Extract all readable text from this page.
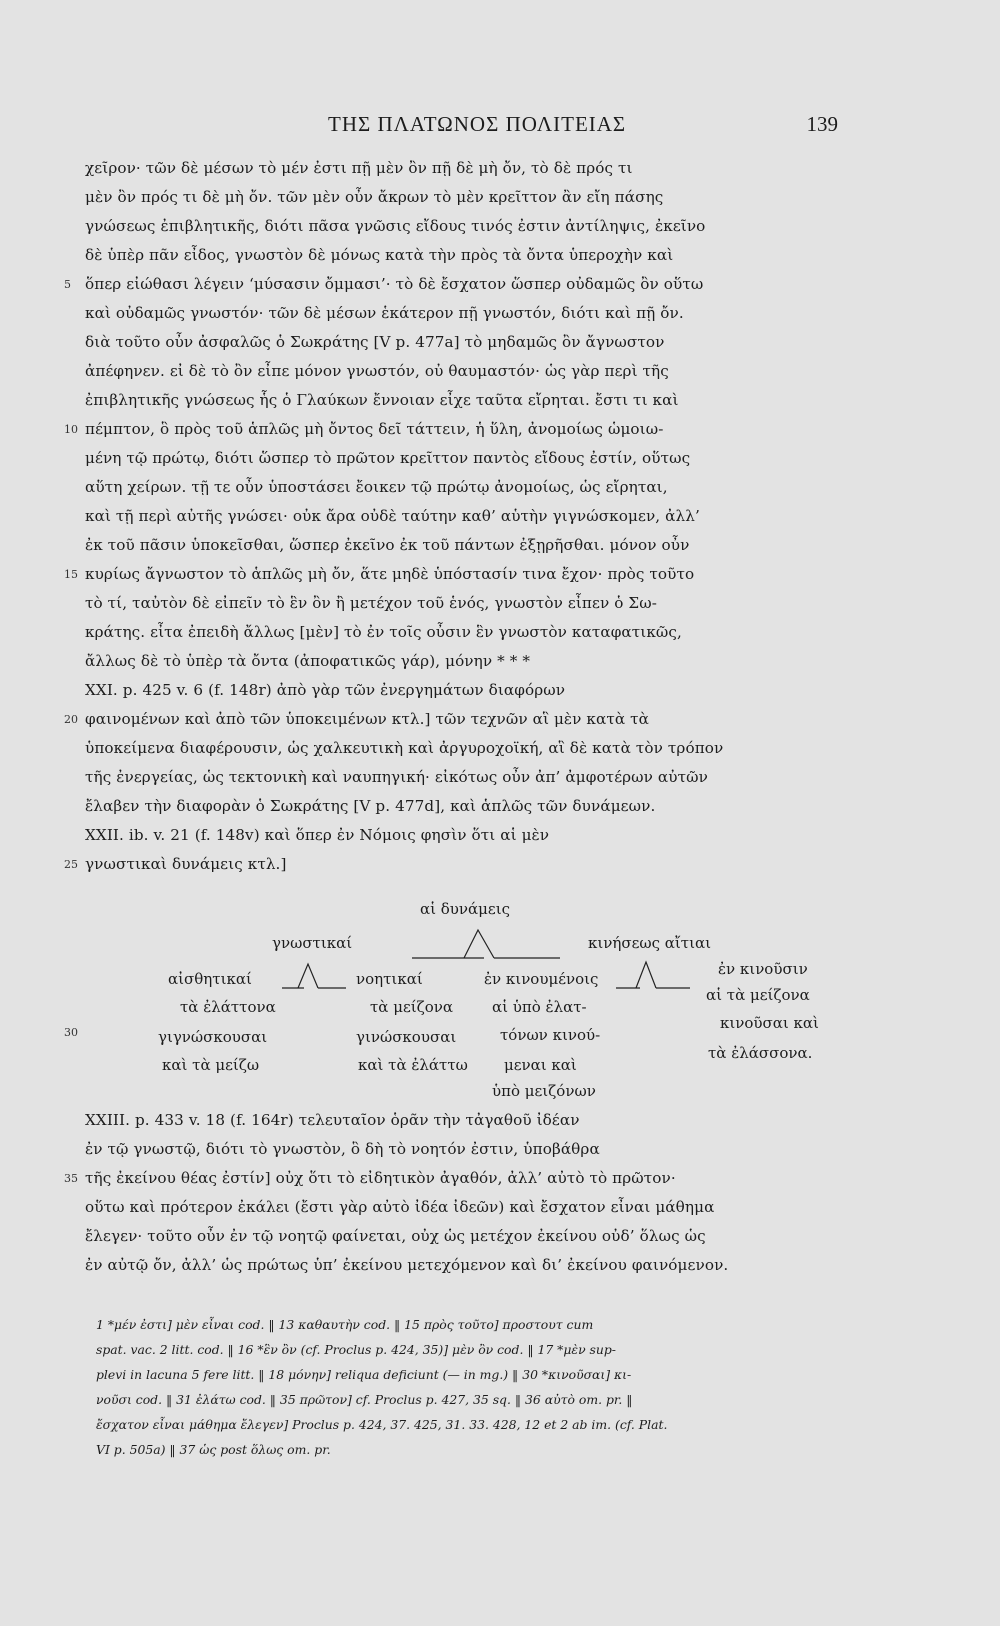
ΤΗΣ ΠΛΑΤΩΝΟΣ ΠΟΛΙΤΕΙΑΣ	139
χεῖρον· τῶν δὲ μέσων τὸ μέν ἐστι πῇ μὲν ὂν πῇ δὲ μὴ ὄν, τὸ δὲ πρός τι
μὲν ὂν πρός τι δὲ μὴ ὄν. τῶν μὲν οὖν ἄκρων τὸ μὲν κρεῖττον ἂν εἴη πάσης
γνώσεως ἐπιβλητικῆς, διότι πᾶσα γνῶσις εἴδους τινός ἐστιν ἀντίληψις, ἐκεῖνο
δὲ ὑπὲρ πᾶν εἶδος, γνωστὸν δὲ μόνως κατὰ τὴν πρὸς τὰ ὄντα ὑπεροχὴν καὶ
5 ὅπερ εἰώθασι λέγειν ‘μύσασιν ὄμμασι’· τὸ δὲ ἔσχατον ὥσπερ οὐδαμῶς ὂν οὕτω
καὶ οὐδαμῶς γνωστόν· τῶν δὲ μέσων ἑκάτερον πῇ γνωστόν, διότι καὶ πῇ ὄν.
διὰ τοῦτο οὖν ἀσφαλῶς ὁ Σωκράτης [V p. 477a] τὸ μηδαμῶς ὂν ἄγνωστον
ἀπέφηνεν. εἰ δὲ τὸ ὂν εἶπε μόνον γνωστόν, οὐ θαυμαστόν· ὡς γὰρ περὶ τῆς
ἐπιβλητικῆς γνώσεως ἧς ὁ Γλαύκων ἔννοιαν εἶχε ταῦτα εἴρηται. ἔστι τι καὶ
10 πέμπτον, ὃ πρὸς τοῦ ἁπλῶς μὴ ὄντος δεῖ τάττειν, ἡ ὕλη, ἀνομοίως ὡμοιω-
μένη τῷ πρώτῳ, διότι ὥσπερ τὸ πρῶτον κρεῖττον παντὸς εἴδους ἐστίν, οὕτως
αὕτη χείρων. τῇ τε οὖν ὑποστάσει ἔοικεν τῷ πρώτῳ ἀνομοίως, ὡς εἴρηται,
καὶ τῇ περὶ αὐτῆς γνώσει· οὐκ ἄρα οὐδὲ ταύτην καθ’ αὑτὴν γιγνώσκομεν, ἀλλ’
ἐκ τοῦ πᾶσιν ὑποκεῖσθαι, ὥσπερ ἐκεῖνο ἐκ τοῦ πάντων ἐξῃρῆσθαι. μόνον οὖν
15 κυρίως ἄγνωστον τὸ ἁπλῶς μὴ ὄν, ἅτε μηδὲ ὑπόστασίν τινα ἔχον· πρὸς τοῦτο
τὸ τί, ταὐτὸν δὲ εἰπεῖν τὸ ἓν ὂν ἢ μετέχον τοῦ ἑνός, γνωστὸν εἶπεν ὁ Σω-
κράτης. εἶτα ἐπειδὴ ἄλλως [μὲν] τὸ ἐν τοῖς οὖσιν ἓν γνωστὸν καταφατικῶς,
ἄλλως δὲ τὸ ὑπὲρ τὰ ὄντα (ἀποφατικῶς γάρ), μόνην * * *
XXI. p. 425 v. 6 (f. 148r) ἀπὸ γὰρ τῶν ἐνεργημάτων διαφόρων
20 φαινομένων καὶ ἀπὸ τῶν ὑποκειμένων κτλ.] τῶν τεχνῶν αἳ μὲν κατὰ τὰ
ὑποκείμενα διαφέρουσιν, ὡς χαλκευτικὴ καὶ ἀργυροχοϊκή, αἳ δὲ κατὰ τὸν τρόπον
τῆς ἐνεργείας, ὡς τεκτονικὴ καὶ ναυπηγική· εἰκότως οὖν ἀπ’ ἀμφοτέρων αὐτῶν
ἔλαβεν τὴν διαφορὰν ὁ Σωκράτης [V p. 477d], καὶ ἁπλῶς τῶν δυνάμεων.
XXII. ib. v. 21 (f. 148v) καὶ ὅπερ ἐν Νόμοις φησὶν ὅτι αἱ μὲν
25 γνωστικαὶ δυνάμεις κτλ.]
αἱ δυνάμεις
γνωστικαί	κινήσεως αἴτιαι
αἰσθητικαί	νοητικαί	ἐν κινουμένοις
ἐν κινοῦσιν
τὰ ἐλάττονα
γιγνώσκουσαι
καὶ τὰ μείζω
τὰ μείζονα
γινώσκουσαι
καὶ τὰ ἐλάττω
αἱ ὑπὸ ἐλατ-
τόνων κινού-
μεναι καὶ
ὑπὸ μειζόνων
αἱ τὰ μείζονα
κινοῦσαι καὶ
τὰ ἐλάσσονα.
30
XXIII. p. 433 v. 18 (f. 164r) τελευταῖον ὁρᾶν τὴν τἀγαθοῦ ἰδέαν
ἐν τῷ γνωστῷ, διότι τὸ γνωστὸν, ὃ δὴ τὸ νοητόν ἐστιν, ὑποβάθρα
35 τῆς ἐκείνου θέας ἐστίν] οὐχ ὅτι τὸ εἰδητικὸν ἀγαθόν, ἀλλ’ αὐτὸ τὸ πρῶτον·
οὕτω καὶ πρότερον ἐκάλει (ἔστι γὰρ αὐτὸ ἰδέα ἰδεῶν) καὶ ἔσχατον εἶναι μάθημα
ἔλεγεν· τοῦτο οὖν ἐν τῷ νοητῷ φαίνεται, οὐχ ὡς μετέχον ἐκείνου οὐδ’ ὅλως ὡς
ἐν αὐτῷ ὄν, ἀλλ’ ὡς πρώτως ὑπ’ ἐκείνου μετεχόμενον καὶ δι’ ἐκείνου φαινόμενον.
1 *μέν ἐστι] μὲν εἶναι cod. ‖ 13 καθαυτὴν cod. ‖ 15 πρὸς τοῦτο] προστουτ cum
spat. vac. 2 litt. cod. ‖ 16 *ἓν ὂν (cf. Proclus p. 424, 35)] μὲν ὂν cod. ‖ 17 *μὲν sup-
plevi in lacuna 5 fere litt. ‖ 18 μόνην] reliqua deficiunt (— in mg.) ‖ 30 *κινοῦσαι] κι-
νοῦσι cod. ‖ 31 ἐλάτω cod. ‖ 35 πρῶτον] cf. Proclus p. 427, 35 sq. ‖ 36 αὐτὸ om. pr. ‖
ἔσχατον εἶναι μάθημα ἔλεγεν] Proclus p. 424, 37. 425, 31. 33. 428, 12 et 2 ab im. (cf. Plat.
VI p. 505a) ‖ 37 ὡς post ὅλως om. pr.
